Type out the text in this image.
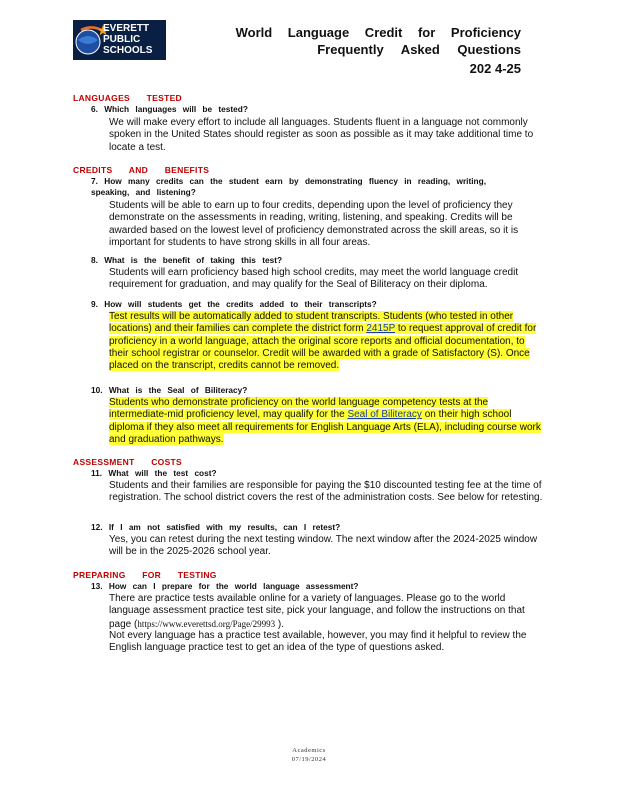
EVERETT
PUBLIC
SCHOOLS
World Language Credit for Proficiency
Frequently Asked Questions
202 4-25
LANGUAGES TESTED
6. Which languages will be tested?
We will make every effort to include all languages. Students fluent in a language not commonly spoken in the United States should register as soon as possible as it may take additional time to locate a test.
CREDITS AND BENEFITS
7. How many credits can the student earn by demonstrating fluency in reading, writing, speaking, and listening?
Students will be able to earn up to four credits, depending upon the level of proficiency they demonstrate on the assessments in reading, writing, listening, and speaking. Credits will be awarded based on the lowest level of proficiency demonstrated across the skill areas, so it is important for students to have strong skills in all four areas.
8. What is the benefit of taking this test?
Students will earn proficiency based high school credits, may meet the world language credit requirement for graduation, and may qualify for the Seal of Biliteracy on their diploma.
9. How will students get the credits added to their transcripts?
Test results will be automatically added to student transcripts. Students (who tested in other locations) and their families can complete the district form 2415P to request approval of credit for proficiency in a world language, attach the original score reports and official documentation, to their school registrar or counselor. Credit will be awarded with a grade of Satisfactory (S). Once placed on the transcript, credits cannot be removed.
10. What is the Seal of Biliteracy?
Students who demonstrate proficiency on the world language competency tests at the intermediate-mid proficiency level, may qualify for the Seal of Biliteracy on their high school diploma if they also meet all requirements for English Language Arts (ELA), including course work and graduation pathways.
ASSESSMENT COSTS
11. What will the test cost?
Students and their families are responsible for paying the $10 discounted testing fee at the time of registration. The school district covers the rest of the administration costs. See below for retesting.
12. If I am not satisfied with my results, can I retest?
Yes, you can retest during the next testing window. The next window after the 2024-2025 window will be in the 2025-2026 school year.
PREPARING FOR TESTING
13. How can I prepare for the world language assessment?
There are practice tests available online for a variety of languages. Please go to the world language assessment practice test site, pick your language, and follow the instructions on that page (https://www.everettsd.org/Page/29993 ).
Not every language has a practice test available, however, you may find it helpful to review the English language practice test to get an idea of the type of questions asked.
Academics
07/19/2024
